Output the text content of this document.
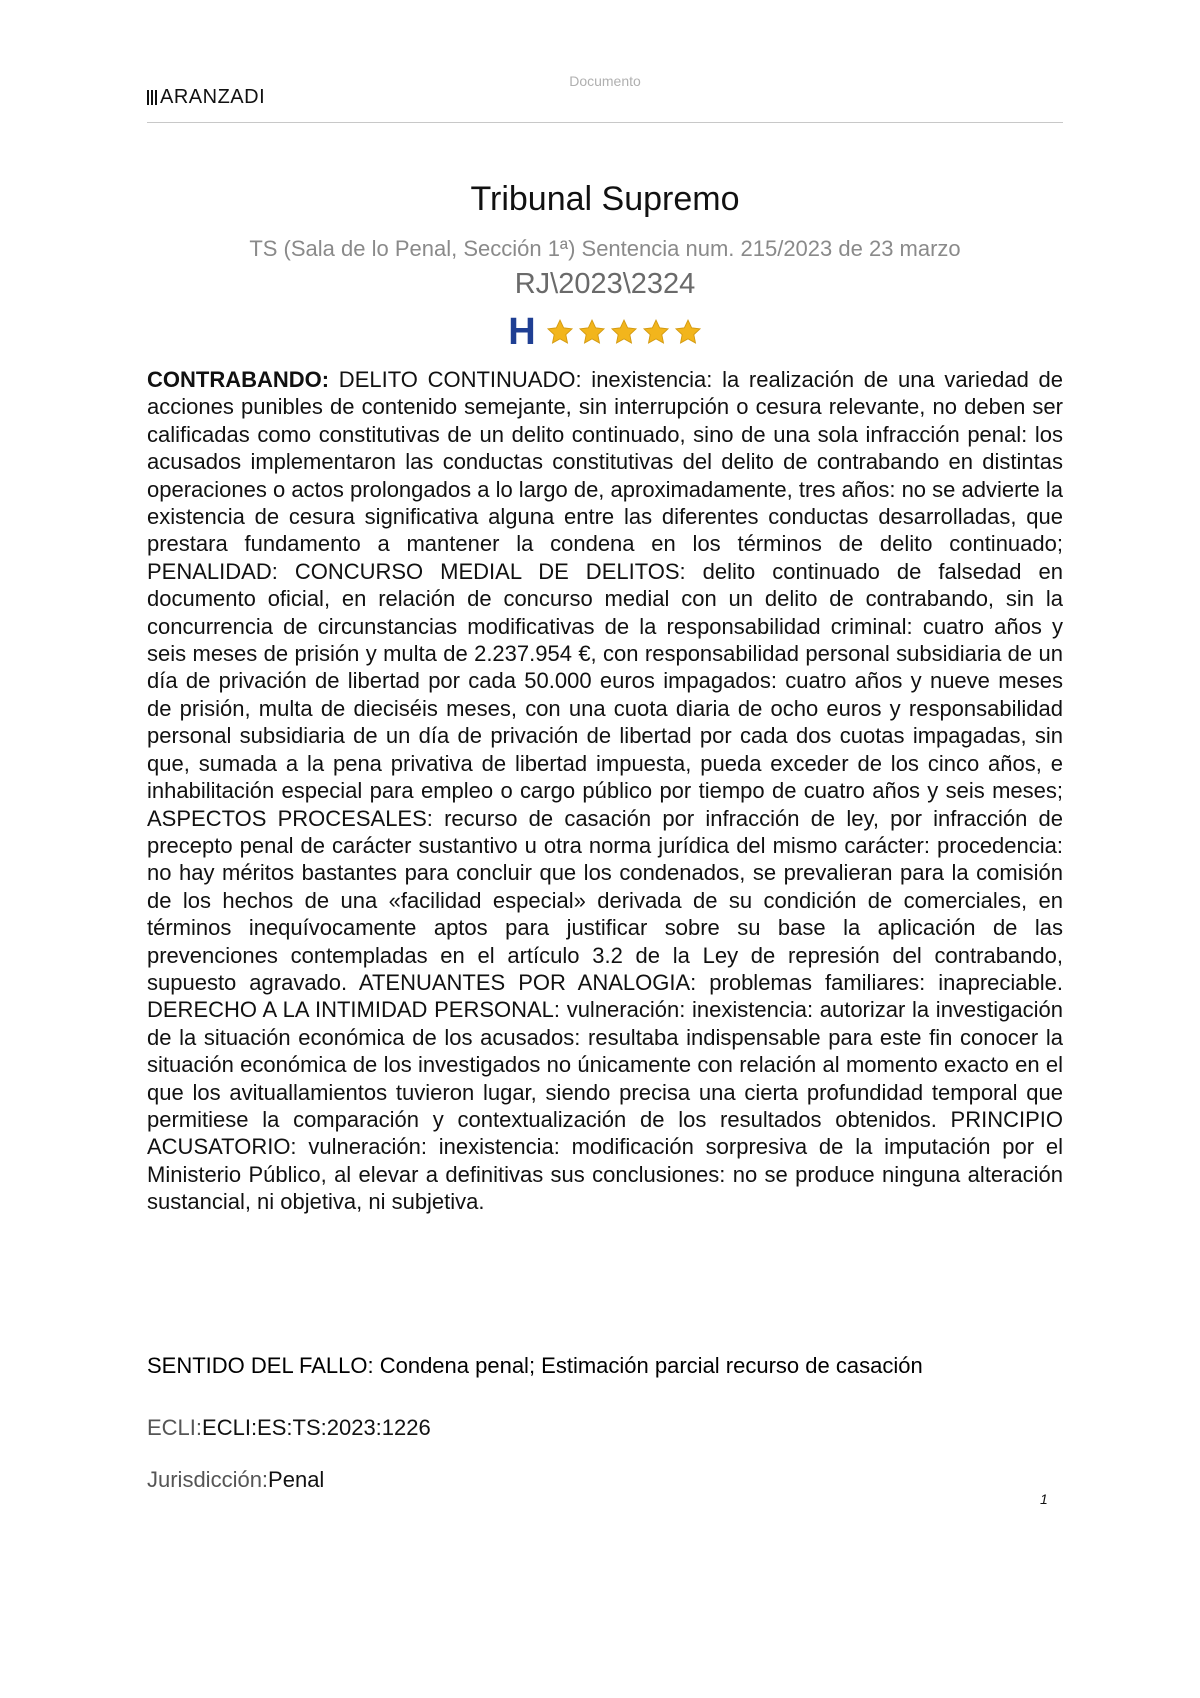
ARANZADI
Documento
Tribunal Supremo
TS (Sala de lo Penal, Sección 1ª) Sentencia num. 215/2023 de 23 marzo
RJ\2023\2324
H

CONTRABANDO: DELITO CONTINUADO: inexistencia: la realización de una variedad de acciones punibles de contenido semejante, sin interrupción o cesura relevante, no deben ser calificadas como constitutivas de un delito continuado, sino de una sola infracción penal: los acusados implementaron las conductas constitutivas del delito de contrabando en distintas operaciones o actos prolongados a lo largo de, aproximadamente, tres años: no se advierte la existencia de cesura significativa alguna entre las diferentes conductas desarrolladas, que prestara fundamento a mantener la condena en los términos de delito continuado; PENALIDAD: CONCURSO MEDIAL DE DELITOS: delito continuado de falsedad en documento oficial, en relación de concurso medial con un delito de contrabando, sin la concurrencia de circunstancias modificativas de la responsabilidad criminal: cuatro años y seis meses de prisión y multa de 2.237.954 €, con responsabilidad personal subsidiaria de un día de privación de libertad por cada 50.000 euros impagados: cuatro años y nueve meses de prisión, multa de dieciséis meses, con una cuota diaria de ocho euros y responsabilidad personal subsidiaria de un día de privación de libertad por cada dos cuotas impagadas, sin que, sumada a la pena privativa de libertad impuesta, pueda exceder de los cinco años, e inhabilitación especial para empleo o cargo público por tiempo de cuatro años y seis meses; ASPECTOS PROCESALES: recurso de casación por infracción de ley, por infracción de precepto penal de carácter sustantivo u otra norma jurídica del mismo carácter: procedencia: no hay méritos bastantes para concluir que los condenados, se prevalieran para la comisión de los hechos de una «facilidad especial» derivada de su condición de comerciales, en términos inequívocamente aptos para justificar sobre su base la aplicación de las prevenciones contempladas en el artículo 3.2 de la Ley de represión del contrabando, supuesto agravado. ATENUANTES POR ANALOGIA: problemas familiares: inapreciable. DERECHO A LA INTIMIDAD PERSONAL: vulneración: inexistencia: autorizar la investigación de la situación económica de los acusados: resultaba indispensable para este fin conocer la situación económica de los investigados no únicamente con relación al momento exacto en el que los avituallamientos tuvieron lugar, siendo precisa una cierta profundidad temporal que permitiese la comparación y contextualización de los resultados obtenidos. PRINCIPIO ACUSATORIO: vulneración: inexistencia: modificación sorpresiva de la imputación por el Ministerio Público, al elevar a definitivas sus conclusiones: no se produce ninguna alteración sustancial, ni objetiva, ni subjetiva.

SENTIDO DEL FALLO: Condena penal; Estimación parcial recurso de casación

ECLI:ECLI:ES:TS:2023:1226

Jurisdicción:Penal

1
